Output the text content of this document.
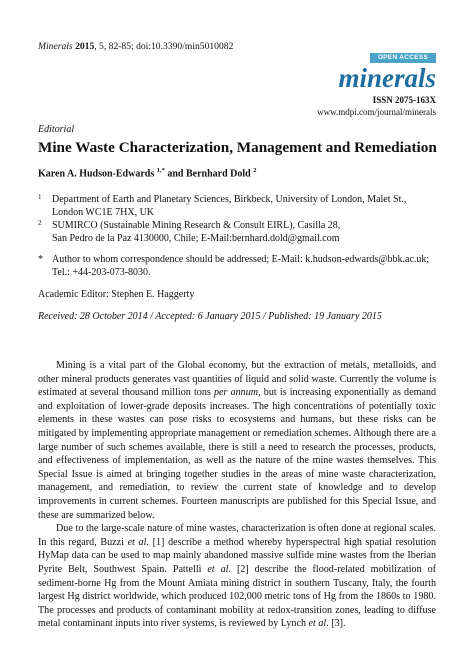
Minerals 2015, 5, 82-85; doi:10.3390/min5010082
OPEN ACCESS
minerals
ISSN 2075-163X
www.mdpi.com/journal/minerals
Editorial
Mine Waste Characterization, Management and Remediation
Karen A. Hudson-Edwards $^{1,*}$ and Bernhard Dold $^2$
1 Department of Earth and Planetary Sciences, Birkbeck, University of London, Malet St.,
London WC1E 7HX, UK
2 SUMIRCO (Sustainable Mining Research & Consult EIRL), Casilla 28,
San Pedro de la Paz 4130000, Chile; E-Mail:bernhard.dold@gmail.com
* Author to whom correspondence should be addressed; E-Mail: k.hudson-edwards@bbk.ac.uk;
Tel.: +44-203-073-8030.
Academic Editor: Stephen E. Haggerty
Received: 28 October 2014 / Accepted: 6 January 2015 / Published: 19 January 2015

Mining is a vital part of the Global economy, but the extraction of metals, metalloids, and other mineral products generates vast quantities of liquid and solid waste. Currently the volume is estimated at several thousand million tons per annum, but is increasing exponentially as demand and exploitation of lower-grade deposits increases. The high concentrations of potentially toxic elements in these wastes can pose risks to ecosystems and humans, but these risks can be mitigated by implementing appropriate management or remediation schemes. Although there are a large number of such schemes available, there is still a need to research the processes, products, and effectiveness of implementation, as well as the nature of the mine wastes themselves. This Special Issue is aimed at bringing together studies in the areas of mine waste characterization, management, and remediation, to review the current state of knowledge and to develop improvements in current schemes. Fourteen manuscripts are published for this Special Issue, and these are summarized below.

Due to the large-scale nature of mine wastes, characterization is often done at regional scales. In this regard, Buzzi et al. [1] describe a method whereby hyperspectral high spatial resolution HyMap data can be used to map mainly abandoned massive sulfide mine wastes from the Iberian Pyrite Belt, Southwest Spain. Pattelli et al. [2] describe the flood-related mobilization of sediment-borne Hg from the Mount Amiata mining district in southern Tuscany, Italy, the fourth largest Hg district worldwide, which produced 102,000 metric tons of Hg from the 1860s to 1980. The processes and products of contaminant mobility at redox-transition zones, leading to diffuse metal contaminant inputs into river systems, is reviewed by Lynch et al. [3].
